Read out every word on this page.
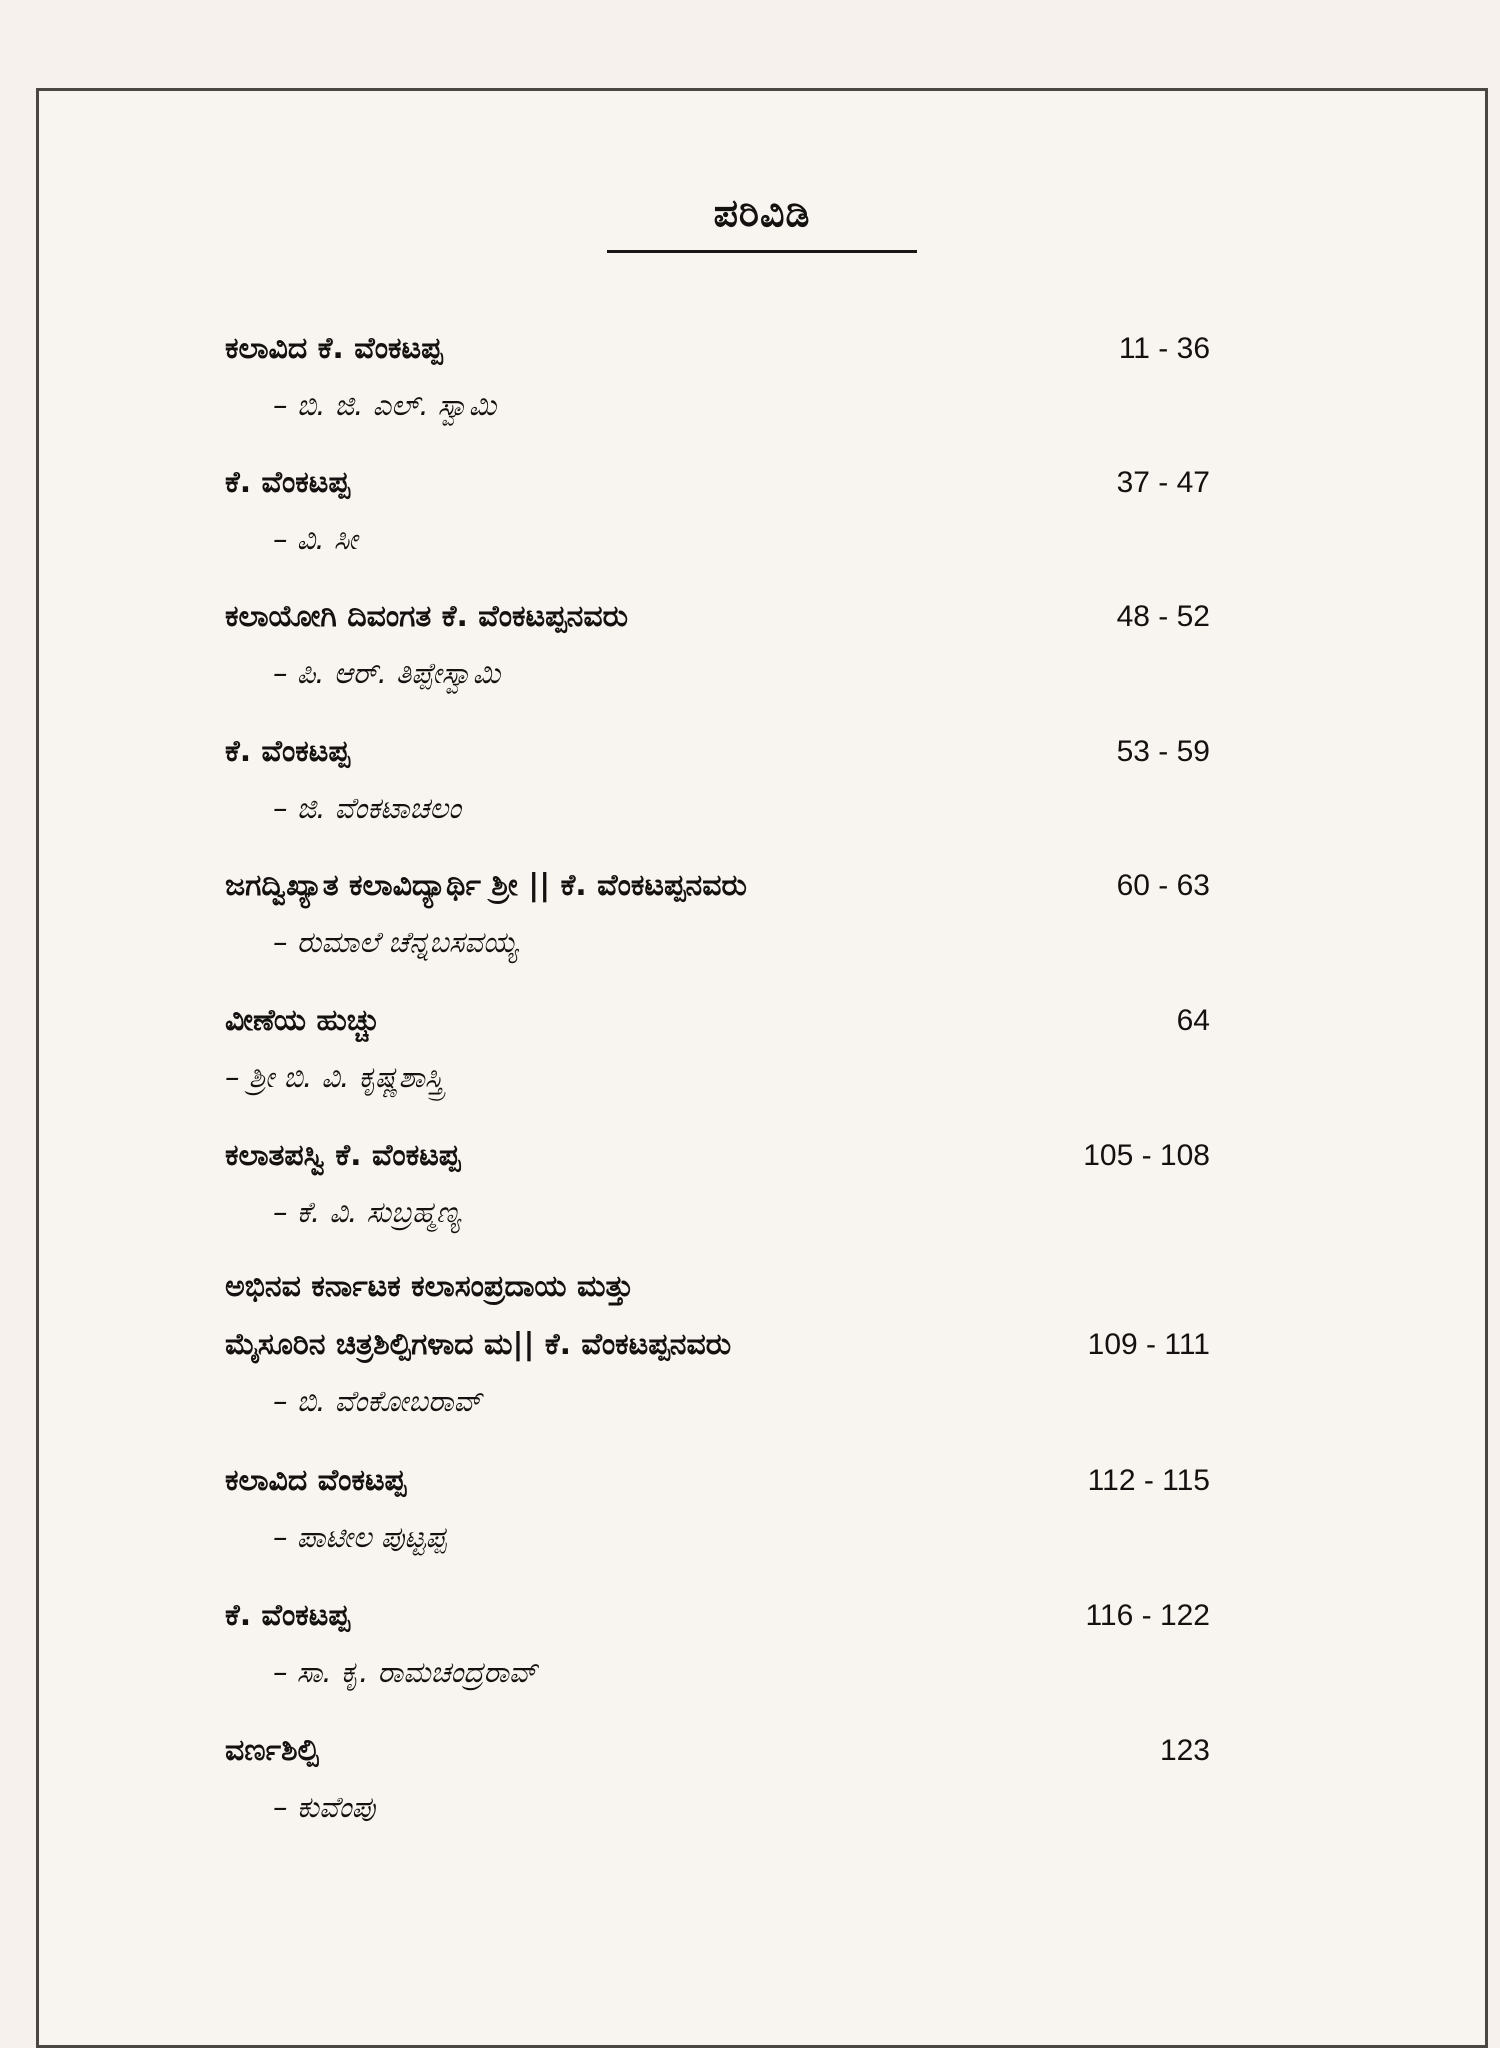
ಪರಿವಿಡಿ
ಕಲಾವಿದ ಕೆ. ವೆಂಕಟಪ್ಪ	11 - 36
– ಬಿ. ಜಿ. ಎಲ್. ಸ್ವಾಮಿ
ಕೆ. ವೆಂಕಟಪ್ಪ	37 - 47
– ವಿ. ಸೀ
ಕಲಾಯೋಗಿ ದಿವಂಗತ ಕೆ. ವೆಂಕಟಪ್ಪನವರು	48 - 52
– ಪಿ. ಆರ್. ತಿಪ್ಪೇಸ್ವಾಮಿ
ಕೆ. ವೆಂಕಟಪ್ಪ	53 - 59
– ಜಿ. ವೆಂಕಟಾಚಲಂ
ಜಗದ್ವಿಖ್ಯಾತ ಕಲಾವಿದ್ಯಾರ್ಥಿ ಶ್ರೀ || ಕೆ. ವೆಂಕಟಪ್ಪನವರು	60 - 63
– ರುಮಾಲೆ ಚೆನ್ನಬಸವಯ್ಯ
ವೀಣೆಯ ಹುಚ್ಚು	64
– ಶ್ರೀ ಬಿ. ವಿ. ಕೃಷ್ಣಶಾಸ್ತ್ರಿ
ಕಲಾತಪಸ್ವಿ ಕೆ. ವೆಂಕಟಪ್ಪ	105 - 108
– ಕೆ. ವಿ. ಸುಬ್ರಹ್ಮಣ್ಯ
ಅಭಿನವ ಕರ್ನಾಟಕ ಕಲಾಸಂಪ್ರದಾಯ ಮತ್ತು
ಮೈಸೂರಿನ ಚಿತ್ರಶಿಲ್ಪಿಗಳಾದ ಮ|| ಕೆ. ವೆಂಕಟಪ್ಪನವರು	109 - 111
– ಬಿ. ವೆಂಕೋಬರಾವ್
ಕಲಾವಿದ ವೆಂಕಟಪ್ಪ	112 - 115
– ಪಾಟೀಲ ಪುಟ್ಟಪ್ಪ
ಕೆ. ವೆಂಕಟಪ್ಪ	116 - 122
– ಸಾ. ಕೃ. ರಾಮಚಂದ್ರರಾವ್
ವರ್ಣಶಿಲ್ಪಿ	123
– ಕುವೆಂಪು
